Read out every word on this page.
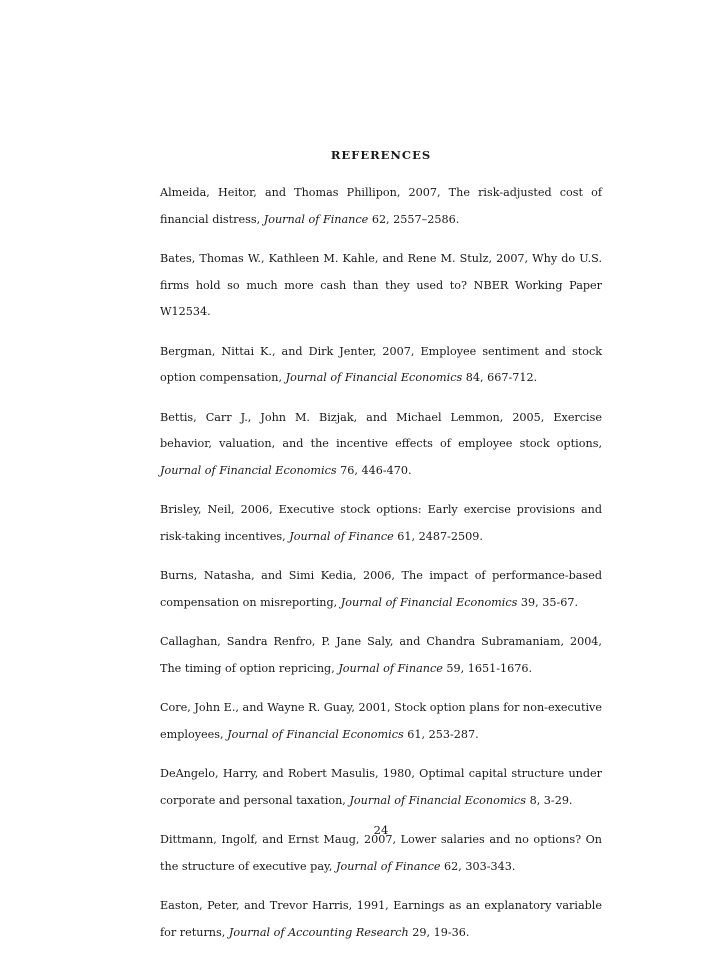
REFERENCES
Almeida, Heitor, and Thomas Phillipon, 2007, The risk-adjusted cost of financial distress, Journal of Finance 62, 2557–2586.
Bates, Thomas W., Kathleen M. Kahle, and Rene M. Stulz, 2007, Why do U.S. firms hold so much more cash than they used to? NBER Working Paper W12534.
Bergman, Nittai K., and Dirk Jenter, 2007, Employee sentiment and stock option compensation, Journal of Financial Economics 84, 667-712.
Bettis, Carr J., John M. Bizjak, and Michael Lemmon, 2005, Exercise behavior, valuation, and the incentive effects of employee stock options, Journal of Financial Economics 76, 446-470.
Brisley, Neil, 2006, Executive stock options: Early exercise provisions and risk-taking incentives, Journal of Finance 61, 2487-2509.
Burns, Natasha, and Simi Kedia, 2006, The impact of performance-based compensation on misreporting, Journal of Financial Economics 39, 35-67.
Callaghan, Sandra Renfro, P. Jane Saly, and Chandra Subramaniam, 2004, The timing of option repricing, Journal of Finance 59, 1651-1676.
Core, John E., and Wayne R. Guay, 2001, Stock option plans for non-executive employees, Journal of Financial Economics 61, 253-287.
DeAngelo, Harry, and Robert Masulis, 1980, Optimal capital structure under corporate and personal taxation, Journal of Financial Economics 8, 3-29.
Dittmann, Ingolf, and Ernst Maug, 2007, Lower salaries and no options? On the structure of executive pay, Journal of Finance 62, 303-343.
Easton, Peter, and Trevor Harris, 1991, Earnings as an explanatory variable for returns, Journal of Accounting Research 29, 19-36.
24
